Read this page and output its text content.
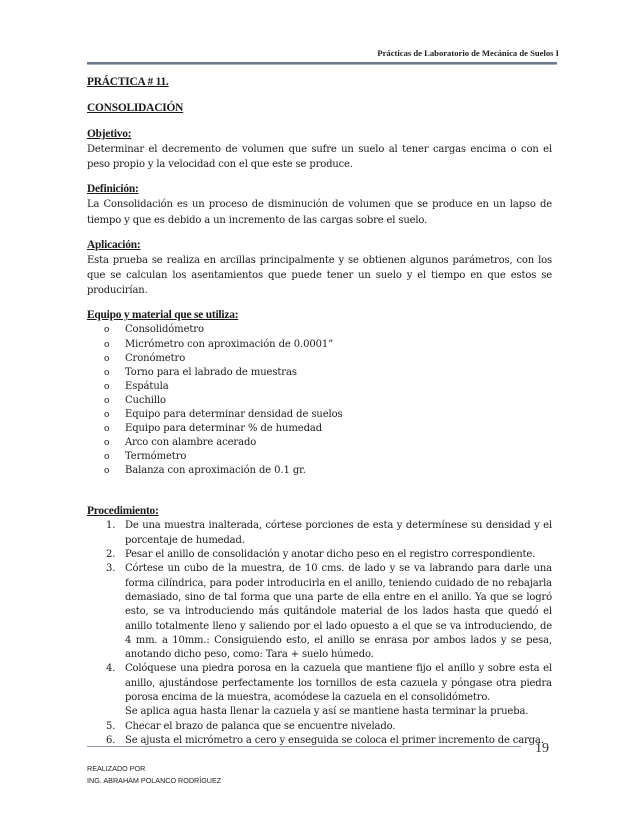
Prácticas de Laboratorio de Mecánica de Suelos I

PRÁCTICA # 11.

CONSOLIDACIÓN

Objetivo:

Determinar el decremento de volumen que sufre un suelo al tener cargas encima o con el peso propio y la velocidad con el que este se produce.

Definición:

La Consolidación es un proceso de disminución de volumen que se produce en un lapso de tiempo y que es debido a un incremento de las cargas sobre el suelo.

Aplicación:

Esta prueba se realiza en arcillas principalmente y se obtienen algunos parámetros, con los que se calculan los asentamientos que puede tener un suelo y el tiempo en que estos se producirían.

Equipo y material que se utiliza:

o Consolidómetro
o Micrómetro con aproximación de 0.0001”
o Cronómetro
o Torno para el labrado de muestras
o Espátula
o Cuchillo
o Equipo para determinar densidad de suelos
o Equipo para determinar % de humedad
o Arco con alambre acerado
o Termómetro
o Balanza con aproximación de 0.1 gr.

Procedimiento:

1. De una muestra inalterada, córtese porciones de esta y determínese su densidad y el porcentaje de humedad.
2. Pesar el anillo de consolidación y anotar dicho peso en el registro correspondiente.
3. Córtese un cubo de la muestra, de 10 cms. de lado y se va labrando para darle una forma cilíndrica, para poder introducirla en el anillo, teniendo cuidado de no rebajarla demasiado, sino de tal forma que una parte de ella entre en el anillo. Ya que se logró esto, se va introduciendo más quitándole material de los lados hasta que quedó el anillo totalmente lleno y saliendo por el lado opuesto a el que se va introduciendo, de 4 mm. a 10mm.: Consiguiendo esto, el anillo se enrasa por ambos lados y se pesa, anotando dicho peso, como: Tara + suelo húmedo.
4. Colóquese una piedra porosa en la cazuela que mantiene fijo el anillo y sobre esta el anillo, ajustándose perfectamente los tornillos de esta cazuela y póngase otra piedra porosa encima de la muestra, acomódese la cazuela en el consolidómetro.
Se aplica agua hasta llenar la cazuela y así se mantiene hasta terminar la prueba.
5. Checar el brazo de palanca que se encuentre nivelado.
6. Se ajusta el micrómetro a cero y enseguida se coloca el primer incremento de carga.
19
REALIZADO POR
ING. ABRAHAM POLANCO RODRÍGUEZ
